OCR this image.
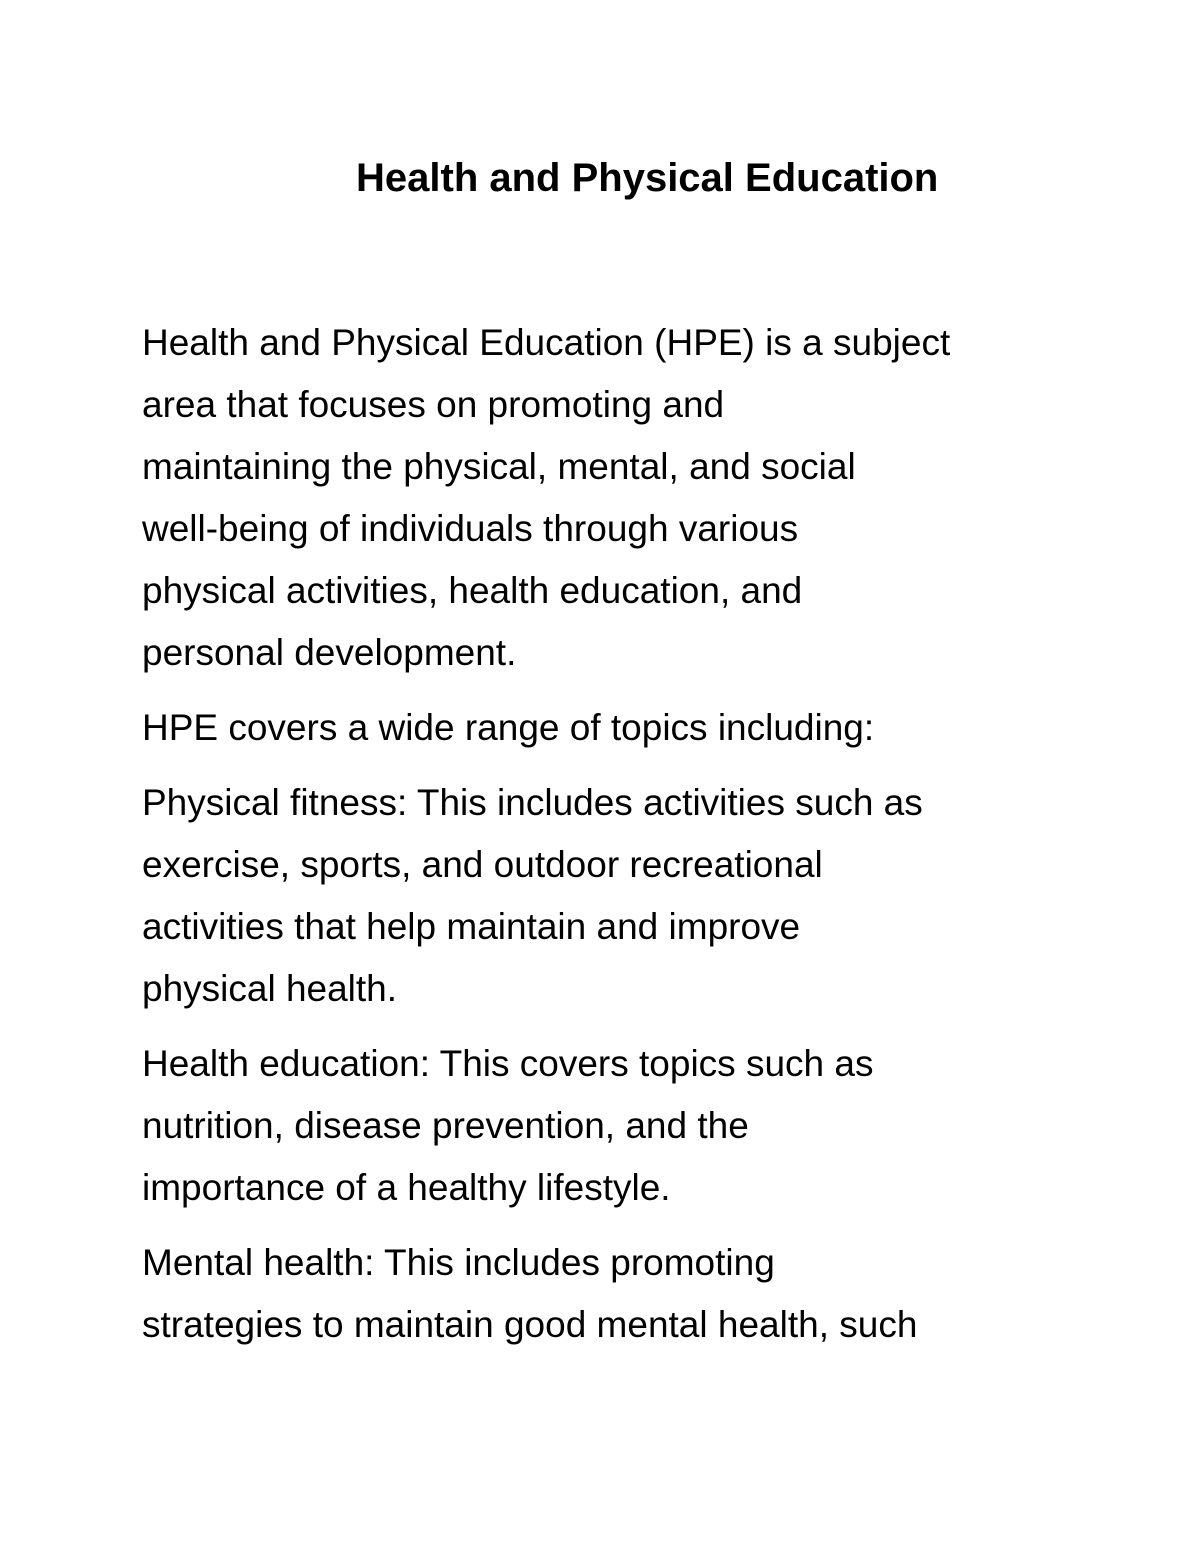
Health and Physical Education

Health and Physical Education (HPE) is a subject
area that focuses on promoting and
maintaining the physical, mental, and social
well-being of individuals through various
physical activities, health education, and
personal development.

HPE covers a wide range of topics including:

Physical fitness: This includes activities such as
exercise, sports, and outdoor recreational
activities that help maintain and improve
physical health.

Health education: This covers topics such as
nutrition, disease prevention, and the
importance of a healthy lifestyle.

Mental health: This includes promoting
strategies to maintain good mental health, such
